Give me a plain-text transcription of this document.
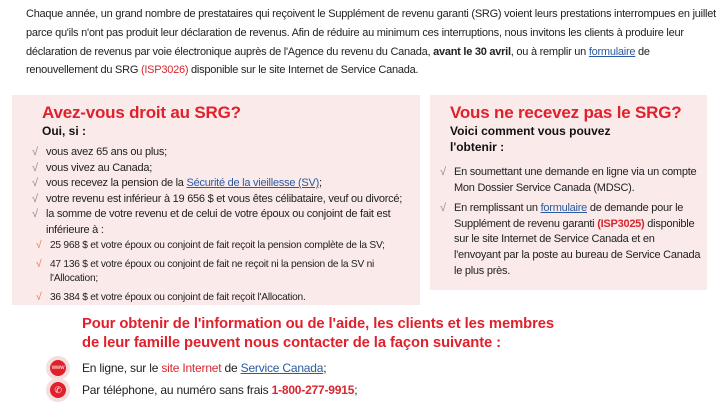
Chaque année, un grand nombre de prestataires qui reçoivent le Supplément de revenu garanti (SRG) voient leurs prestations interrompues en juillet parce qu'ils n'ont pas produit leur déclaration de revenus. Afin de réduire au minimum ces interruptions, nous invitons les clients à produire leur déclaration de revenus par voie électronique auprès de l'Agence du revenu du Canada, avant le 30 avril, ou à remplir un formulaire de renouvellement du SRG (ISP3026) disponible sur le site Internet de Service Canada.

Avez-vous droit au SRG?
Oui, si :
√ vous avez 65 ans ou plus;
√ vous vivez au Canada;
√ vous recevez la pension de la Sécurité de la vieillesse (SV);
√ votre revenu est inférieur à 19 656 $ et vous êtes célibataire, veuf ou divorcé;
√ la somme de votre revenu et de celui de votre époux ou conjoint de fait est inférieure à :
√ 25 968 $ et votre époux ou conjoint de fait reçoit la pension complète de la SV;
√ 47 136 $ et votre époux ou conjoint de fait ne reçoit ni la pension de la SV ni l'Allocation;
√ 36 384 $ et votre époux ou conjoint de fait reçoit l'Allocation.
Vous ne recevez pas le SRG?
Voici comment vous pouvez l'obtenir :
√ En soumettant une demande en ligne via un compte Mon Dossier Service Canada (MDSC).
√ En remplissant un formulaire de demande pour le Supplément de revenu garanti (ISP3025) disponible sur le site Internet de Service Canada et en l'envoyant par la poste au bureau de Service Canada le plus près.

Pour obtenir de l'information ou de l'aide, les clients et les membres
de leur famille peuvent nous contacter de la façon suivante :

www En ligne, sur le site Internet de Service Canada ;
✆	Par téléphone, au numéro sans frais 1-800-277-9915 ;
